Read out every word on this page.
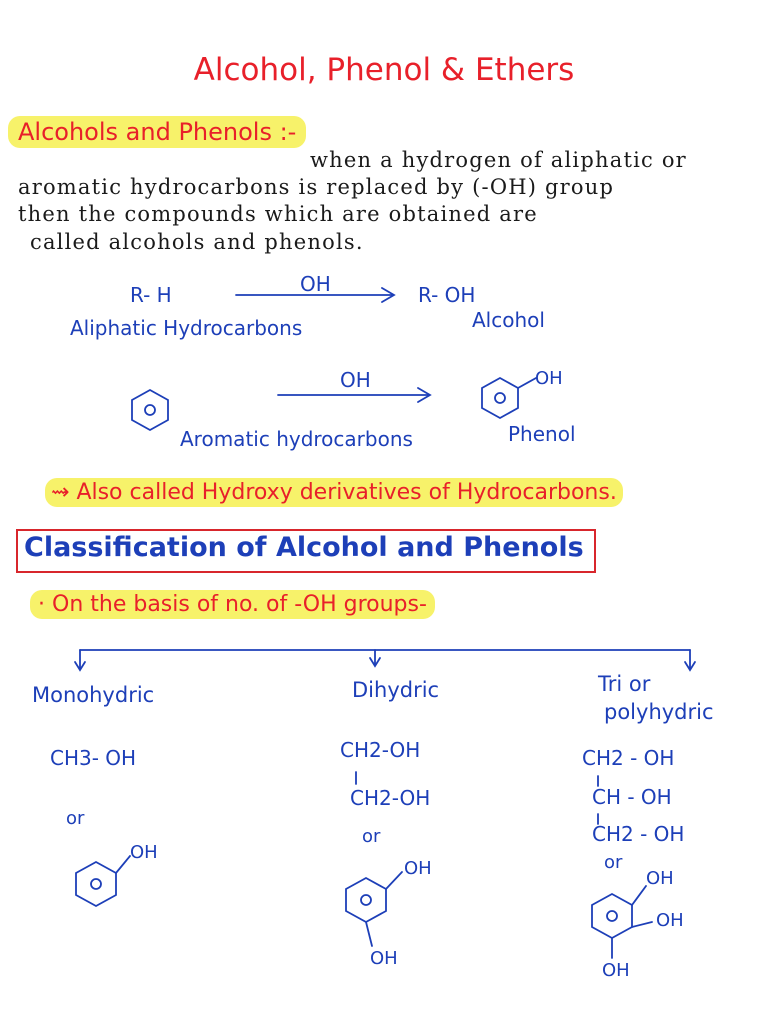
Alcohol, Phenol & Ethers
Alcohols and Phenols :-
when a hydrogen of aliphatic or
aromatic hydrocarbons is replaced by (-OH) group
then the compounds which are obtained are
called alcohols and phenols.
R- H	OH	R- OH
Aliphatic Hydrocarbons	Alcohol
OH	OH
Aromatic hydrocarbons	Phenol
⇝ Also called Hydroxy derivatives of Hydrocarbons.
Classification of Alcohol and Phenols
· On the basis of no. of -OH groups-
Monohydric
CH3- OH
or
OH
Dihydric
CH2-OH
CH2-OH
or
OH
OH
Tri or
polyhydric
CH2 - OH
CH - OH
CH2 - OH
or
OH
OH
OH
